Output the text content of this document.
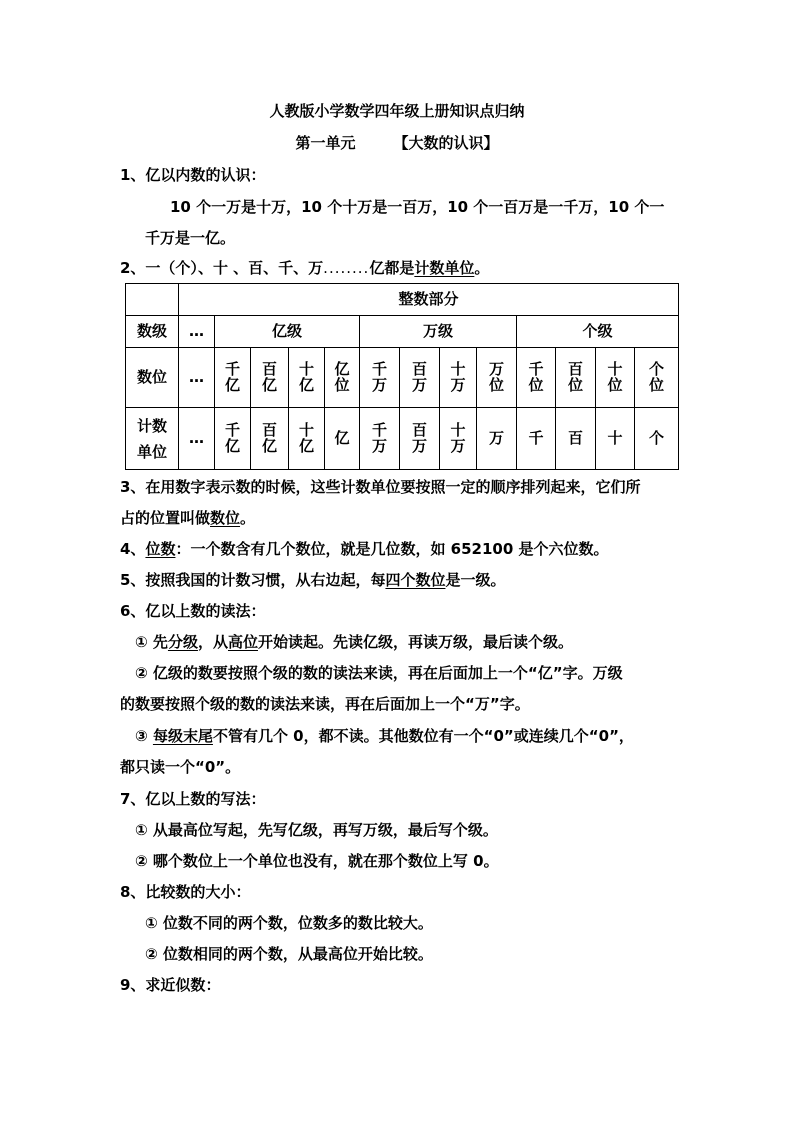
人教版小学数学四年级上册知识点归纳
第一单元	【大数的认识】
1、亿以内数的认识：
10 个一万是十万，10 个十万是一百万，10 个一百万是一千万，10 个一
千万是一亿。
2、一（个）、十 、百、千、万........亿都是计数单位。
	整数部分												
数级	…	亿级				万级				个级			
数位	…	千亿	百亿	十亿	亿位	千万	百万	十万	万位	千位	百位	十位	个位
计数单位	…	千亿	百亿	十亿	亿	千万	百万	十万	万	千	百	十	个
3、在用数字表示数的时候，这些计数单位要按照一定的顺序排列起来，它们所
占的位置叫做数位。
4、位数：一个数含有几个数位，就是几位数，如 652100 是个六位数。
5、按照我国的计数习惯，从右边起，每四个数位是一级。
6、亿以上数的读法：
① 先分级，从高位开始读起。先读亿级，再读万级，最后读个级。
② 亿级的数要按照个级的数的读法来读，再在后面加上一个“亿”字。万级
的数要按照个级的数的读法来读，再在后面加上一个“万”字。
③ 每级末尾不管有几个 0，都不读。其他数位有一个“0”或连续几个“0”，
都只读一个“0”。
7、亿以上数的写法：
① 从最高位写起，先写亿级，再写万级，最后写个级。
② 哪个数位上一个单位也没有，就在那个数位上写 0。
8、比较数的大小：
① 位数不同的两个数，位数多的数比较大。
② 位数相同的两个数，从最高位开始比较。
9、求近似数：
